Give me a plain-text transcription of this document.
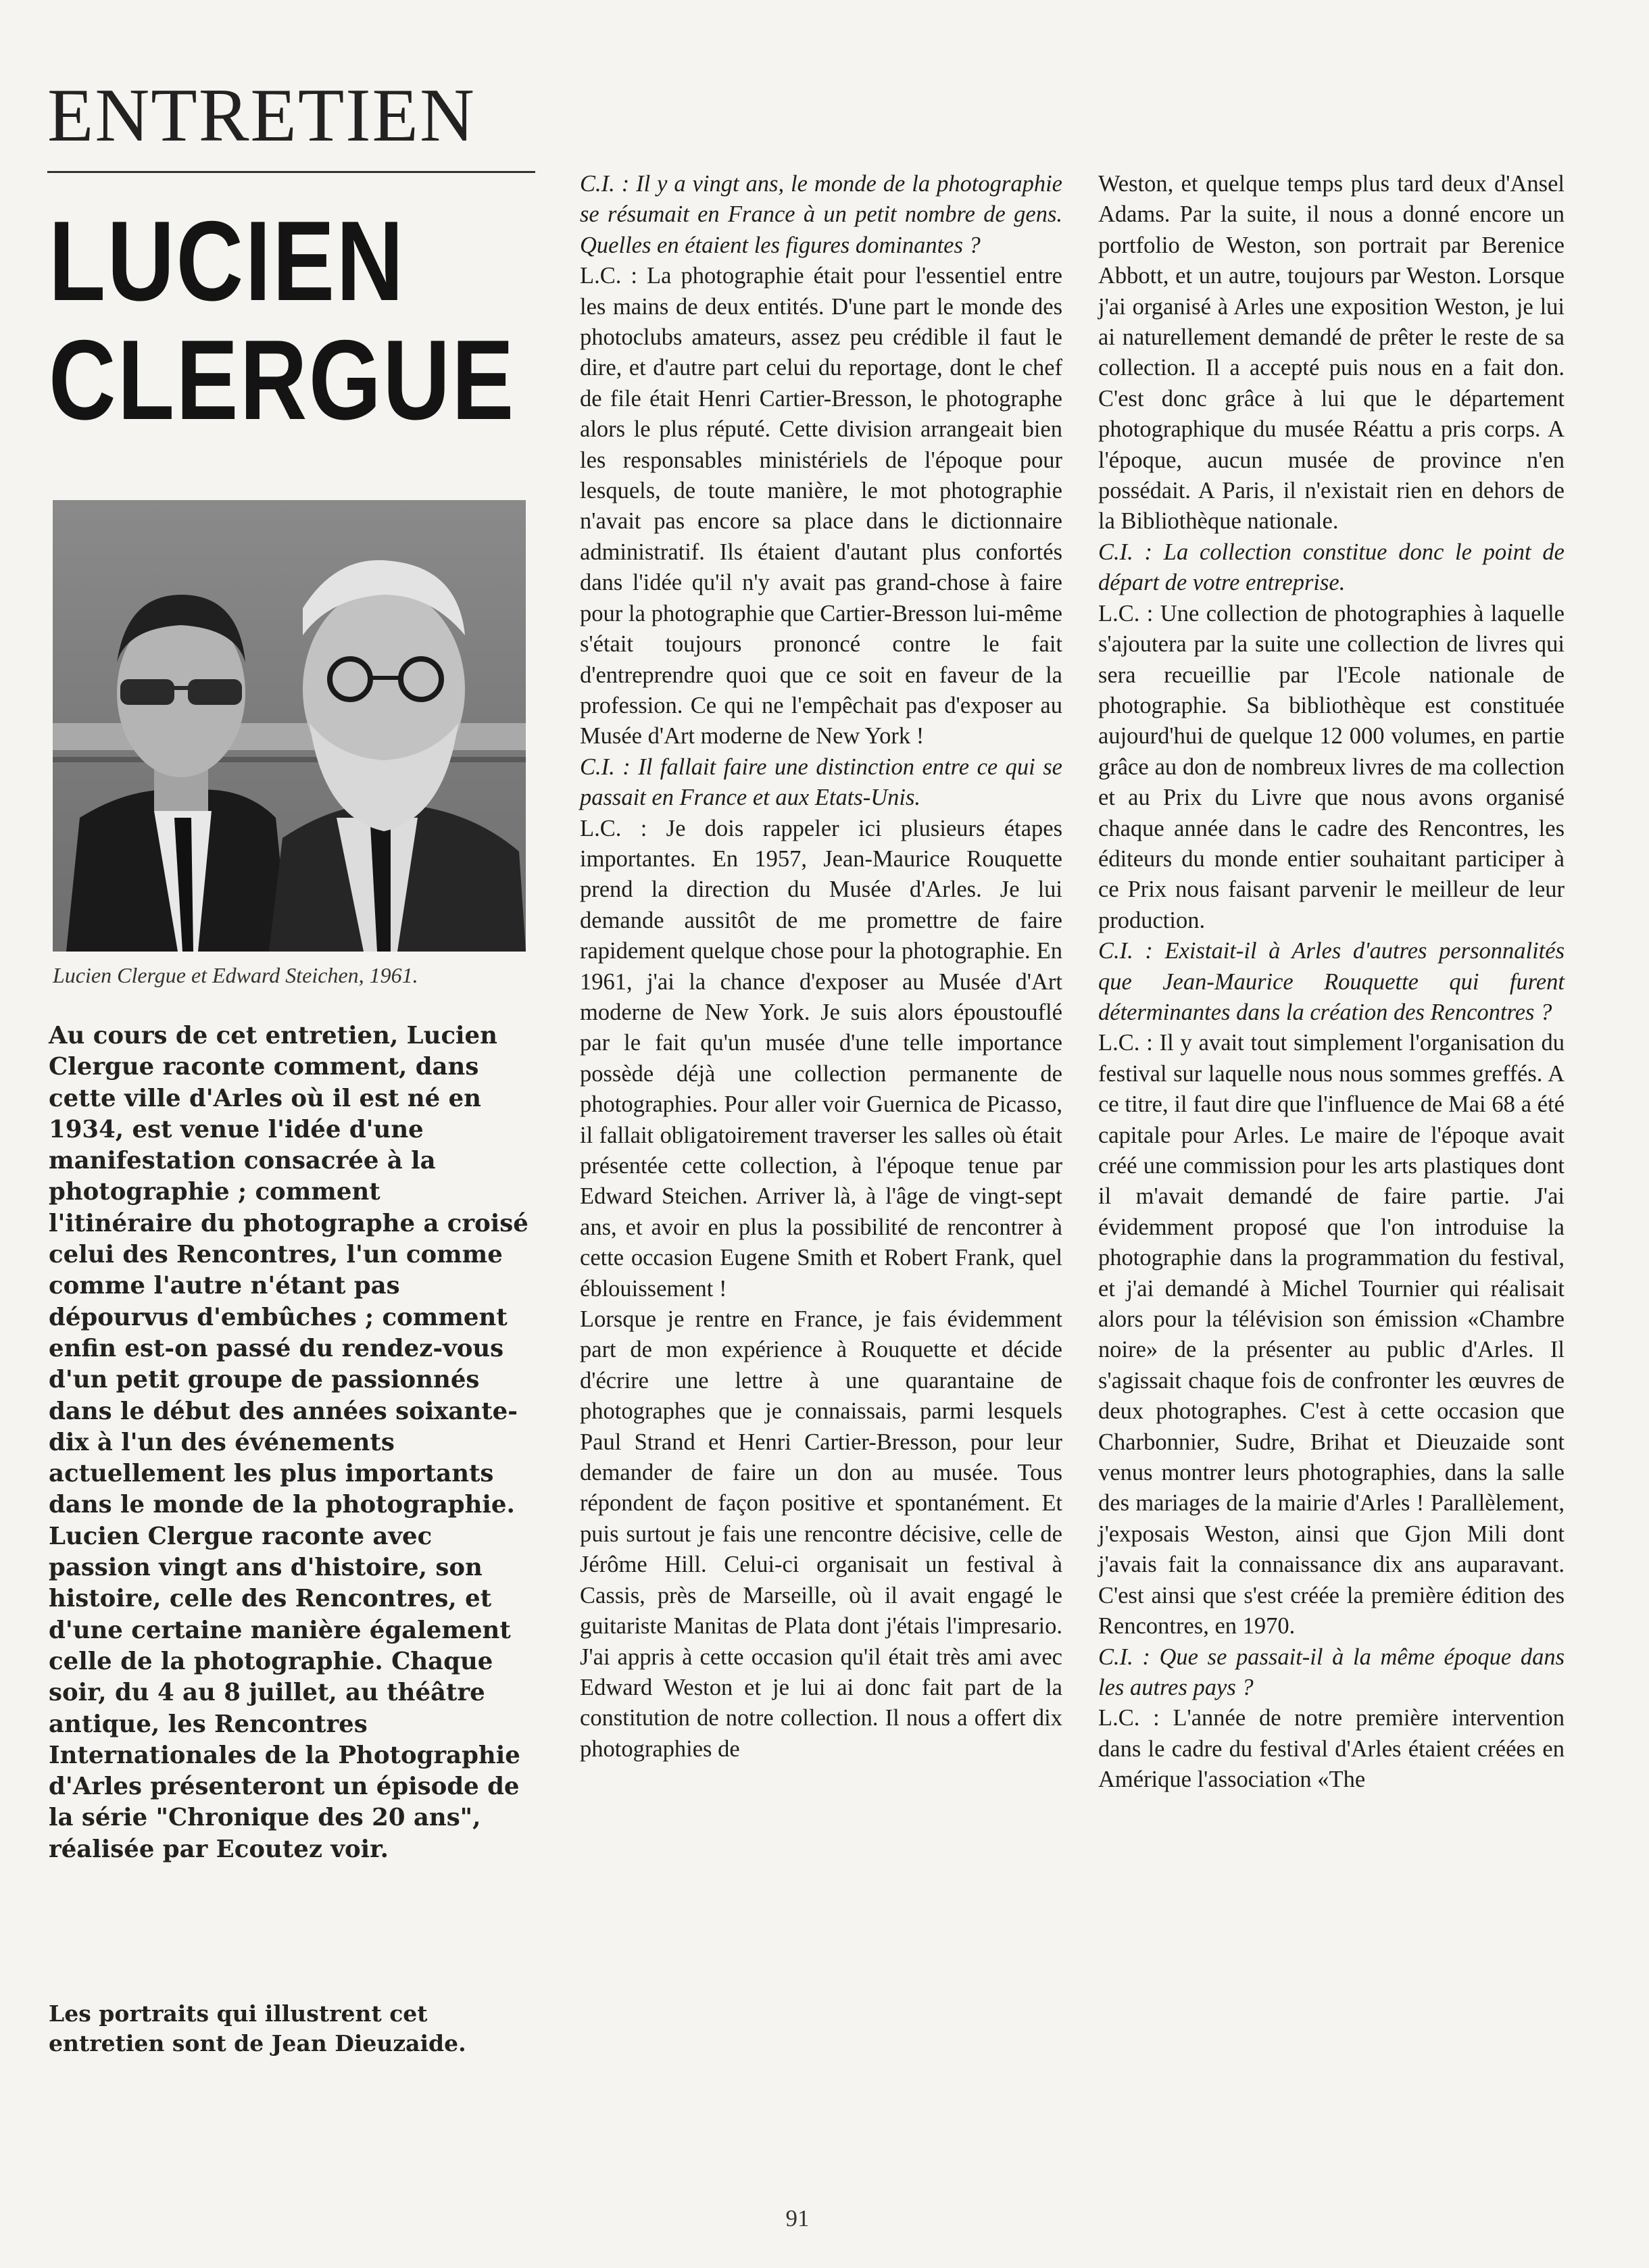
ENTRETIEN
LUCIEN
CLERGUE
Lucien Clergue et Edward Steichen, 1961.

Au cours de cet entretien, Lucien Clergue raconte comment, dans cette ville d'Arles où il est né en 1934, est venue l'idée d'une manifestation consacrée à la photographie ; comment l'itinéraire du photographe a croisé celui des Rencontres, l'un comme comme l'autre n'étant pas dépourvus d'embûches ; comment enfin est-on passé du rendez-vous d'un petit groupe de passionnés dans le début des années soixante-dix à l'un des événements actuellement les plus importants dans le monde de la photographie. Lucien Clergue raconte avec passion vingt ans d'histoire, son histoire, celle des Rencontres, et d'une certaine manière également celle de la photographie. Chaque soir, du 4 au 8 juillet, au théâtre antique, les Rencontres Internationales de la Photographie d'Arles présenteront un épisode de la série "Chronique des 20 ans", réalisée par Ecoutez voir.

Les portraits qui illustrent cet entretien sont de Jean Dieuzaide.

C.I. : Il y a vingt ans, le monde de la photographie se résumait en France à un petit nombre de gens. Quelles en étaient les figures dominantes ?

L.C. : La photographie était pour l'essentiel entre les mains de deux entités. D'une part le monde des photoclubs amateurs, assez peu crédible il faut le dire, et d'autre part celui du reportage, dont le chef de file était Henri Cartier-Bresson, le photographe alors le plus réputé. Cette division arrangeait bien les responsables ministériels de l'époque pour lesquels, de toute manière, le mot photographie n'avait pas encore sa place dans le dictionnaire administratif. Ils étaient d'autant plus confortés dans l'idée qu'il n'y avait pas grand-chose à faire pour la photographie que Cartier-Bresson lui-même s'était toujours prononcé contre le fait d'entreprendre quoi que ce soit en faveur de la profession. Ce qui ne l'empêchait pas d'exposer au Musée d'Art moderne de New York !

C.I. : Il fallait faire une distinction entre ce qui se passait en France et aux Etats-Unis.

L.C. : Je dois rappeler ici plusieurs étapes importantes. En 1957, Jean-Maurice Rouquette prend la direction du Musée d'Arles. Je lui demande aussitôt de me promettre de faire rapidement quelque chose pour la photographie. En 1961, j'ai la chance d'exposer au Musée d'Art moderne de New York. Je suis alors époustouflé par le fait qu'un musée d'une telle importance possède déjà une collection permanente de photographies. Pour aller voir Guernica de Picasso, il fallait obligatoirement traverser les salles où était présentée cette collection, à l'époque tenue par Edward Steichen. Arriver là, à l'âge de vingt-sept ans, et avoir en plus la possibilité de rencontrer à cette occasion Eugene Smith et Robert Frank, quel éblouissement !

Lorsque je rentre en France, je fais évidemment part de mon expérience à Rouquette et décide d'écrire une lettre à une quarantaine de photographes que je connaissais, parmi lesquels Paul Strand et Henri Cartier-Bresson, pour leur demander de faire un don au musée. Tous répondent de façon positive et spontanément. Et puis surtout je fais une rencontre décisive, celle de Jérôme Hill. Celui-ci organisait un festival à Cassis, près de Marseille, où il avait engagé le guitariste Manitas de Plata dont j'étais l'impresario. J'ai appris à cette occasion qu'il était très ami avec Edward Weston et je lui ai donc fait part de la constitution de notre collection. Il nous a offert dix photographies de

Weston, et quelque temps plus tard deux d'Ansel Adams. Par la suite, il nous a donné encore un portfolio de Weston, son portrait par Berenice Abbott, et un autre, toujours par Weston. Lorsque j'ai organisé à Arles une exposition Weston, je lui ai naturellement demandé de prêter le reste de sa collection. Il a accepté puis nous en a fait don. C'est donc grâce à lui que le département photographique du musée Réattu a pris corps. A l'époque, aucun musée de province n'en possédait. A Paris, il n'existait rien en dehors de la Bibliothèque nationale.

C.I. : La collection constitue donc le point de départ de votre entreprise.

L.C. : Une collection de photographies à laquelle s'ajoutera par la suite une collection de livres qui sera recueillie par l'Ecole nationale de photographie. Sa bibliothèque est constituée aujourd'hui de quelque 12 000 volumes, en partie grâce au don de nombreux livres de ma collection et au Prix du Livre que nous avons organisé chaque année dans le cadre des Rencontres, les éditeurs du monde entier souhaitant participer à ce Prix nous faisant parvenir le meilleur de leur production.

C.I. : Existait-il à Arles d'autres personnalités que Jean-Maurice Rouquette qui furent déterminantes dans la création des Rencontres ?

L.C. : Il y avait tout simplement l'organisation du festival sur laquelle nous nous sommes greffés. A ce titre, il faut dire que l'influence de Mai 68 a été capitale pour Arles. Le maire de l'époque avait créé une commission pour les arts plastiques dont il m'avait demandé de faire partie. J'ai évidemment proposé que l'on introduise la photographie dans la programmation du festival, et j'ai demandé à Michel Tournier qui réalisait alors pour la télévision son émission «Chambre noire» de la présenter au public d'Arles. Il s'agissait chaque fois de confronter les œuvres de deux photographes. C'est à cette occasion que Charbonnier, Sudre, Brihat et Dieuzaide sont venus montrer leurs photographies, dans la salle des mariages de la mairie d'Arles ! Parallèlement, j'exposais Weston, ainsi que Gjon Mili dont j'avais fait la connaissance dix ans auparavant. C'est ainsi que s'est créée la première édition des Rencontres, en 1970.

C.I. : Que se passait-il à la même époque dans les autres pays ?

L.C. : L'année de notre première intervention dans le cadre du festival d'Arles étaient créées en Amérique l'association «The

91
